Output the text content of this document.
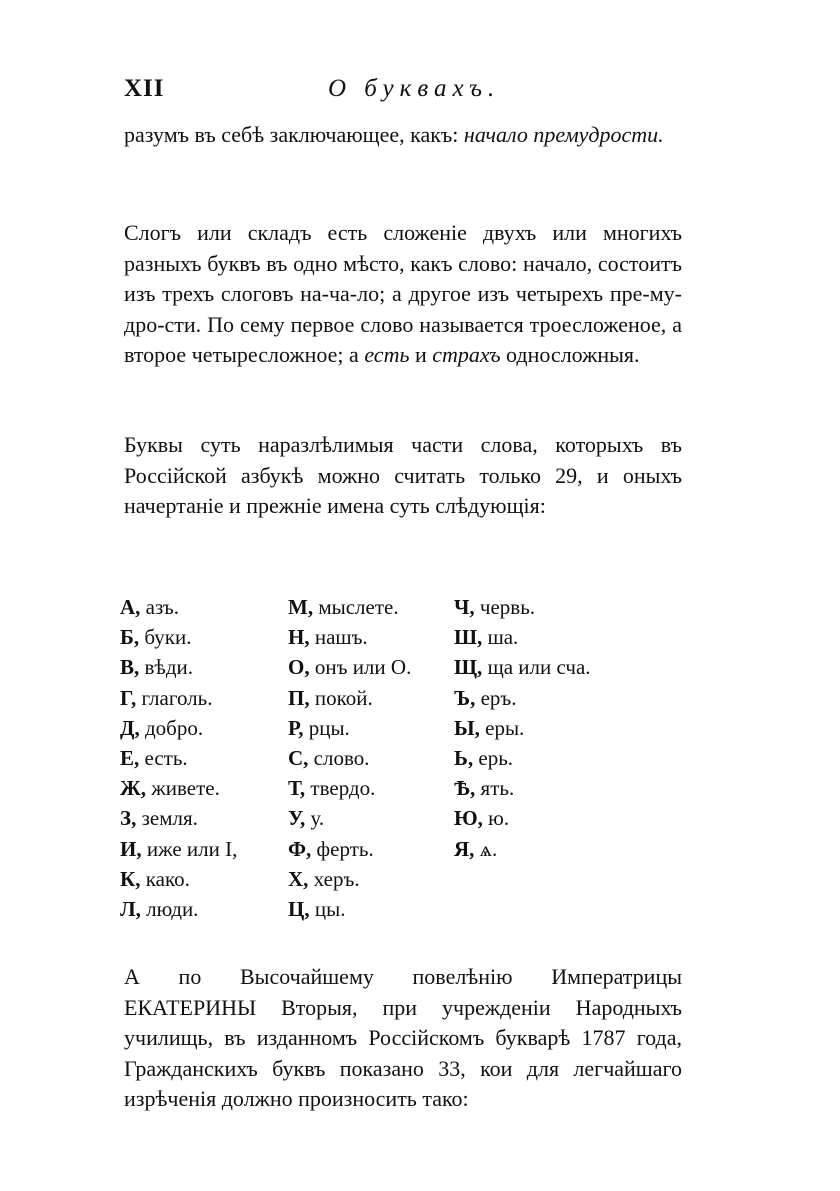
XII	О буквахъ.

разумъ въ себѣ заключающее, какъ: начало премудрости.

Слогъ или складъ есть сложеніе двухъ или многихъ разныхъ буквъ въ одно мѣсто, какъ слово: начало, состоитъ изъ трехъ слоговъ на-ча-ло; а другое изъ четырехъ пре-му-дро-сти. По сему первое слово называется троесложеное, а второе четыресложное; а есть и страхъ односложныя.

Буквы суть наразлѣлимыя части слова, которыхъ въ Россійской азбукѣ можно считать только 29, и оныхъ начертаніе и прежніе имена суть слѣдующія:

А, азъ.
Б, буки.
В, вѣди.
Г, глаголь.
Д, добро.
Е, есть.
Ж, живете.
З, земля.
И, иже или І,
К, како.
Л, люди.
М, мыслете.
Н, нашъ.
О, онъ или О.
П, покой.
Р, рцы.
С, слово.
Т, твердо.
У, у.
Ф, ферть.
Х, херъ.
Ц, цы.
Ч, червь.
Ш, ша.
Щ, ща или сча.
Ъ, еръ.
Ы, еры.
Ь, ерь.
Ѣ, ять.
Ю, ю.
Я, ѧ.

А по Высочайшему повелѣнію Императрицы ЕКАТЕРИНЫ Вторыя, при учрежденіи Народныхъ училищь, въ изданномъ Россійскомъ букварѣ 1787 года, Гражданскихъ буквъ показано 33, кои для легчайшаго изрѣченія должно произносить тако:
